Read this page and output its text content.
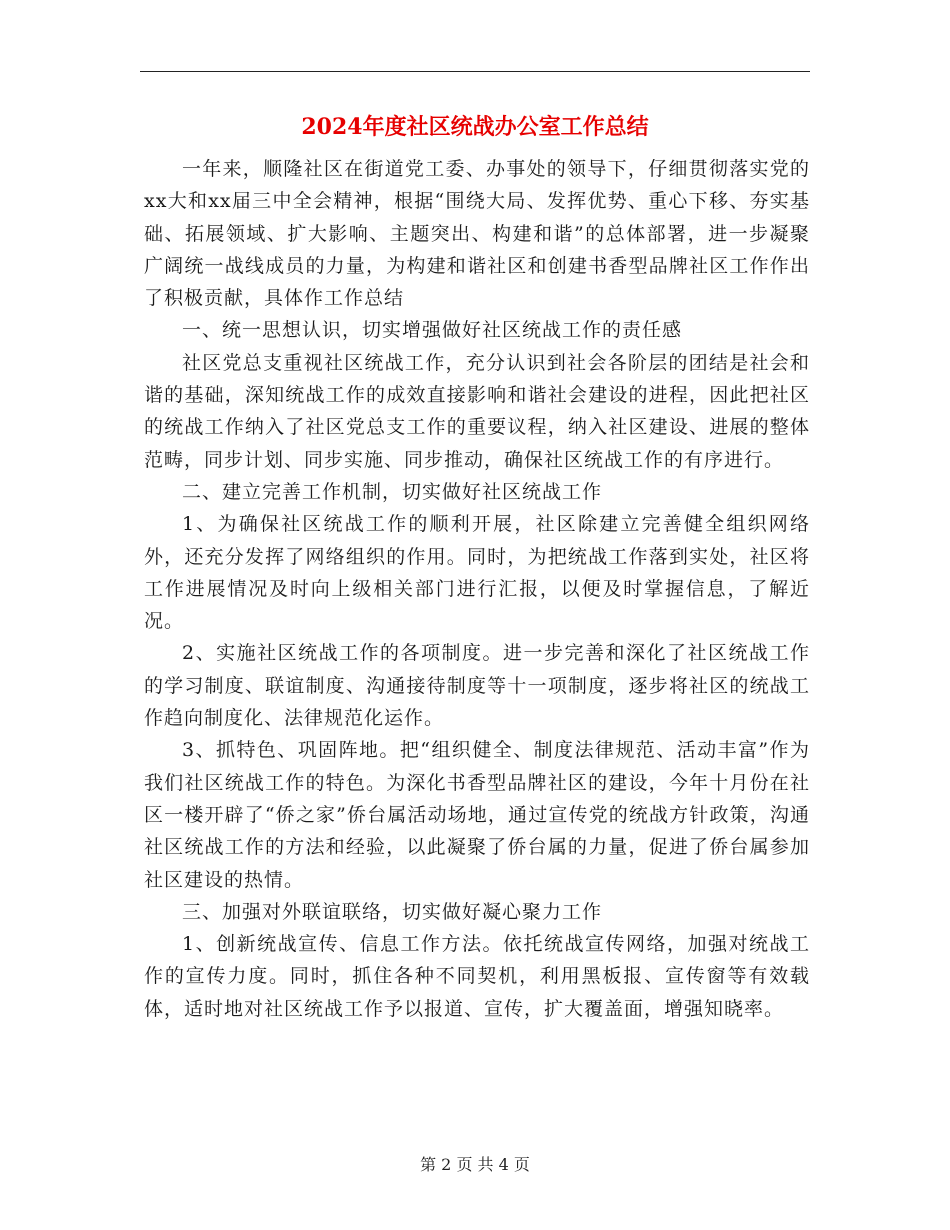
2024年度社区统战办公室工作总结

一年来，顺隆社区在街道党工委、办事处的领导下，仔细贯彻落实党的xx大和xx届三中全会精神，根据“围绕大局、发挥优势、重心下移、夯实基础、拓展领域、扩大影响、主题突出、构建和谐”的总体部署，进一步凝聚广阔统一战线成员的力量，为构建和谐社区和创建书香型品牌社区工作作出了积极贡献，具体作工作总结

一、统一思想认识，切实增强做好社区统战工作的责任感

社区党总支重视社区统战工作，充分认识到社会各阶层的团结是社会和谐的基础，深知统战工作的成效直接影响和谐社会建设的进程，因此把社区的统战工作纳入了社区党总支工作的重要议程，纳入社区建设、进展的整体范畴，同步计划、同步实施、同步推动，确保社区统战工作的有序进行。

二、建立完善工作机制，切实做好社区统战工作

1、为确保社区统战工作的顺利开展，社区除建立完善健全组织网络外，还充分发挥了网络组织的作用。同时，为把统战工作落到实处，社区将工作进展情况及时向上级相关部门进行汇报，以便及时掌握信息，了解近况。

2、实施社区统战工作的各项制度。进一步完善和深化了社区统战工作的学习制度、联谊制度、沟通接待制度等十一项制度，逐步将社区的统战工作趋向制度化、法律规范化运作。

3、抓特色、巩固阵地。把“组织健全、制度法律规范、活动丰富”作为我们社区统战工作的特色。为深化书香型品牌社区的建设，今年十月份在社区一楼开辟了“侨之家”侨台属活动场地，通过宣传党的统战方针政策，沟通社区统战工作的方法和经验，以此凝聚了侨台属的力量，促进了侨台属参加社区建设的热情。

三、加强对外联谊联络，切实做好凝心聚力工作

1、创新统战宣传、信息工作方法。依托统战宣传网络，加强对统战工作的宣传力度。同时，抓住各种不同契机，利用黑板报、宣传窗等有效载体，适时地对社区统战工作予以报道、宣传，扩大覆盖面，增强知晓率。

第 2 页 共 4 页
